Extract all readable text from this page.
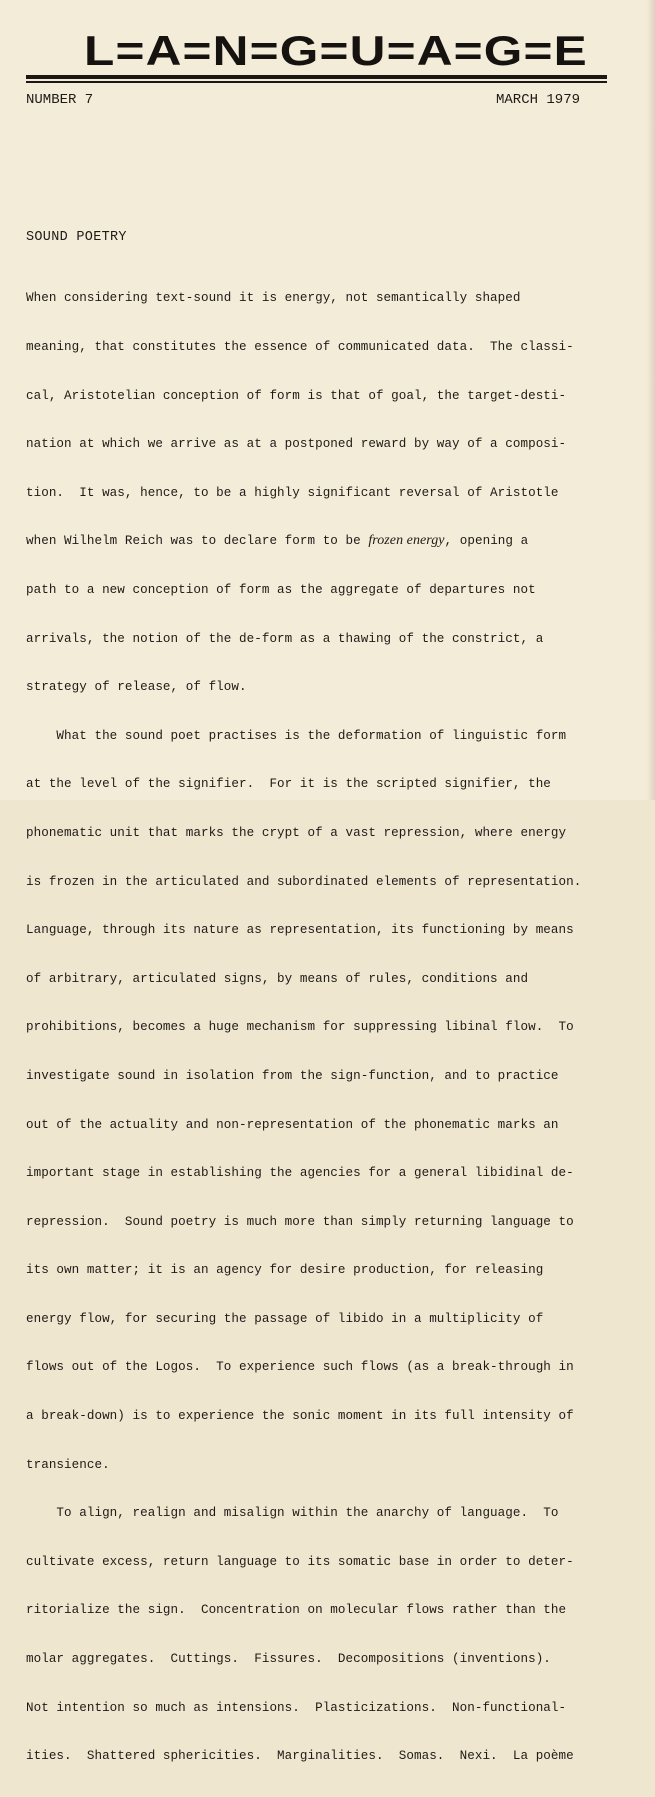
L=A=N=G=U=A=G=E
NUMBER 7	MARCH 1979
SOUND POETRY

When considering text-sound it is energy, not semantically shaped

meaning, that constitutes the essence of communicated data.  The classi-

cal, Aristotelian conception of form is that of goal, the target-desti-

nation at which we arrive as at a postponed reward by way of a composi-

tion.  It was, hence, to be a highly significant reversal of Aristotle

when Wilhelm Reich was to declare form to be frozen energy, opening a

path to a new conception of form as the aggregate of departures not

arrivals, the notion of the de-form as a thawing of the constrict, a

strategy of release, of flow.

What the sound poet practises is the deformation of linguistic form

at the level of the signifier.  For it is the scripted signifier, the

phonematic unit that marks the crypt of a vast repression, where energy

is frozen in the articulated and subordinated elements of representation.

Language, through its nature as representation, its functioning by means

of arbitrary, articulated signs, by means of rules, conditions and

prohibitions, becomes a huge mechanism for suppressing libinal flow.  To

investigate sound in isolation from the sign-function, and to practice

out of the actuality and non-representation of the phonematic marks an

important stage in establishing the agencies for a general libidinal de-

repression.  Sound poetry is much more than simply returning language to

its own matter; it is an agency for desire production, for releasing

energy flow, for securing the passage of libido in a multiplicity of

flows out of the Logos.  To experience such flows (as a break-through in

a break-down) is to experience the sonic moment in its full intensity of

transience.

To align, realign and misalign within the anarchy of language.  To

cultivate excess, return language to its somatic base in order to deter-

ritorialize the sign.  Concentration on molecular flows rather than the

molar aggregates.  Cuttings.  Fissures.  Decompositions (inventions).

Not intention so much as intensions.  Plasticizations.  Non-functional-

ities.  Shattered sphericities.  Marginalities.  Somas.  Nexi.  La poème
